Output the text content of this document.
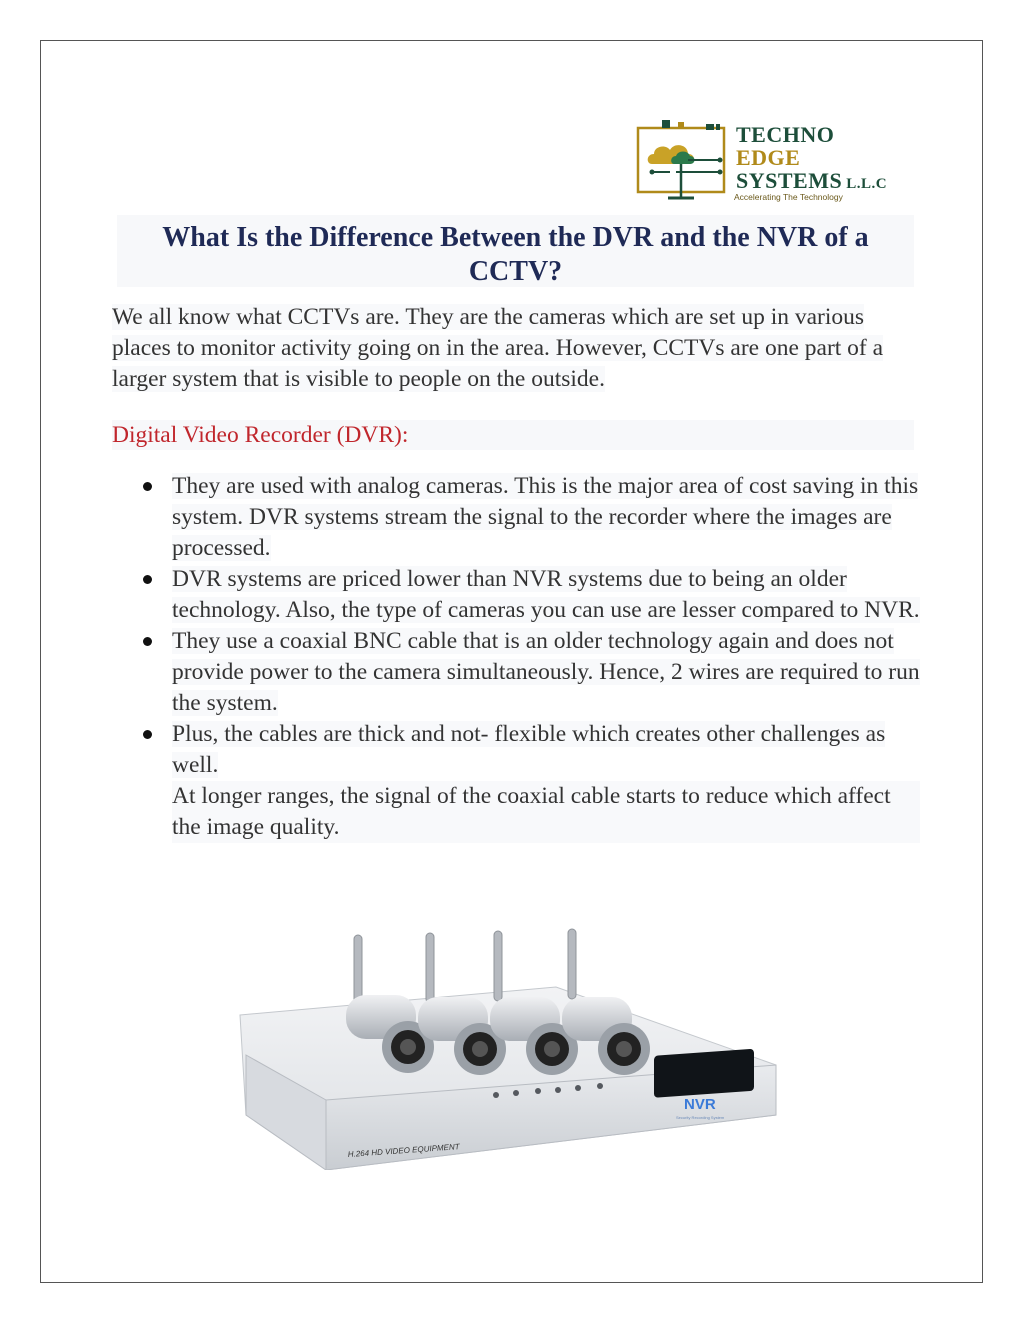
TECHNO
EDGE
SYSTEMS L.L.C
Accelerating The Technology
What Is the Difference Between the DVR and the NVR of a CCTV?
We all know what CCTVs are. They are the cameras which are set up in various places to monitor activity going on in the area. However, CCTVs are one part of a larger system that is visible to people on the outside.
Digital Video Recorder (DVR):
They are used with analog cameras. This is the major area of cost saving in this system. DVR systems stream the signal to the recorder where the images are processed.
DVR systems are priced lower than NVR systems due to being an older technology. Also, the type of cameras you can use are lesser compared to NVR.
They use a coaxial BNC cable that is an older technology again and does not provide power to the camera simultaneously. Hence, 2 wires are required to run the system.
Plus, the cables are thick and not- flexible which creates other challenges as well.
At longer ranges, the signal of the coaxial cable starts to reduce which affect the image quality.
NVR
Security Recording System
H.264 HD VIDEO EQUIPMENT
